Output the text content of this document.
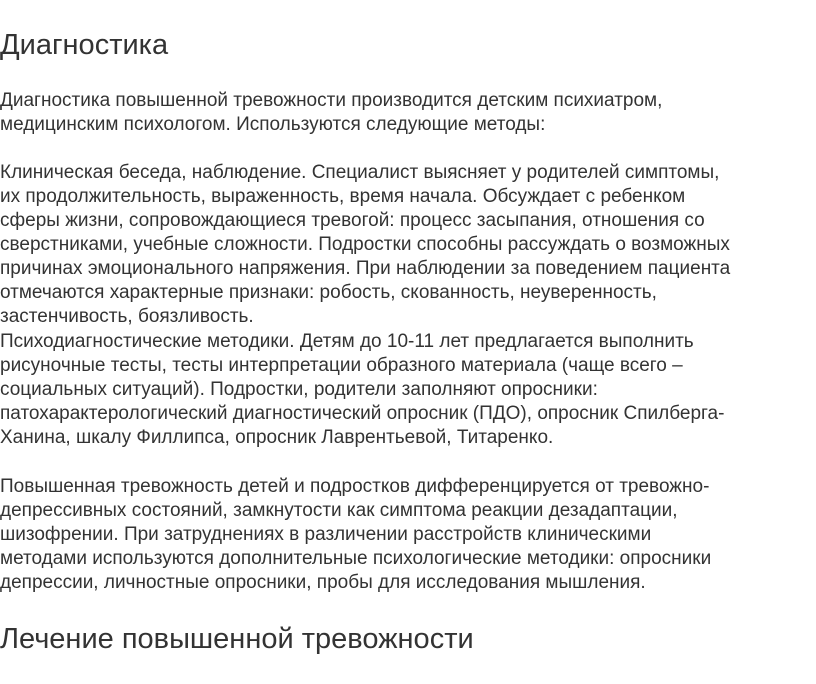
Диагностика

Диагностика повышенной тревожности производится детским психиатром,
медицинским психологом. Используются следующие методы:

Клиническая беседа, наблюдение. Специалист выясняет у родителей симптомы,
их продолжительность, выраженность, время начала. Обсуждает с ребенком
сферы жизни, сопровождающиеся тревогой: процесс засыпания, отношения со
сверстниками, учебные сложности. Подростки способны рассуждать о возможных
причинах эмоционального напряжения. При наблюдении за поведением пациента
отмечаются характерные признаки: робость, скованность, неуверенность,
застенчивость, боязливость.

Психодиагностические методики. Детям до 10-11 лет предлагается выполнить
рисуночные тесты, тесты интерпретации образного материала (чаще всего –
социальных ситуаций). Подростки, родители заполняют опросники:
патохарактерологический диагностический опросник (ПДО), опросник Спилберга-
Ханина, шкалу Филлипса, опросник Лаврентьевой, Титаренко.

Повышенная тревожность детей и подростков дифференцируется от тревожно-
депрессивных состояний, замкнутости как симптома реакции дезадаптации,
шизофрении. При затруднениях в различении расстройств клиническими
методами используются дополнительные психологические методики: опросники
депрессии, личностные опросники, пробы для исследования мышления.

Лечение повышенной тревожности
